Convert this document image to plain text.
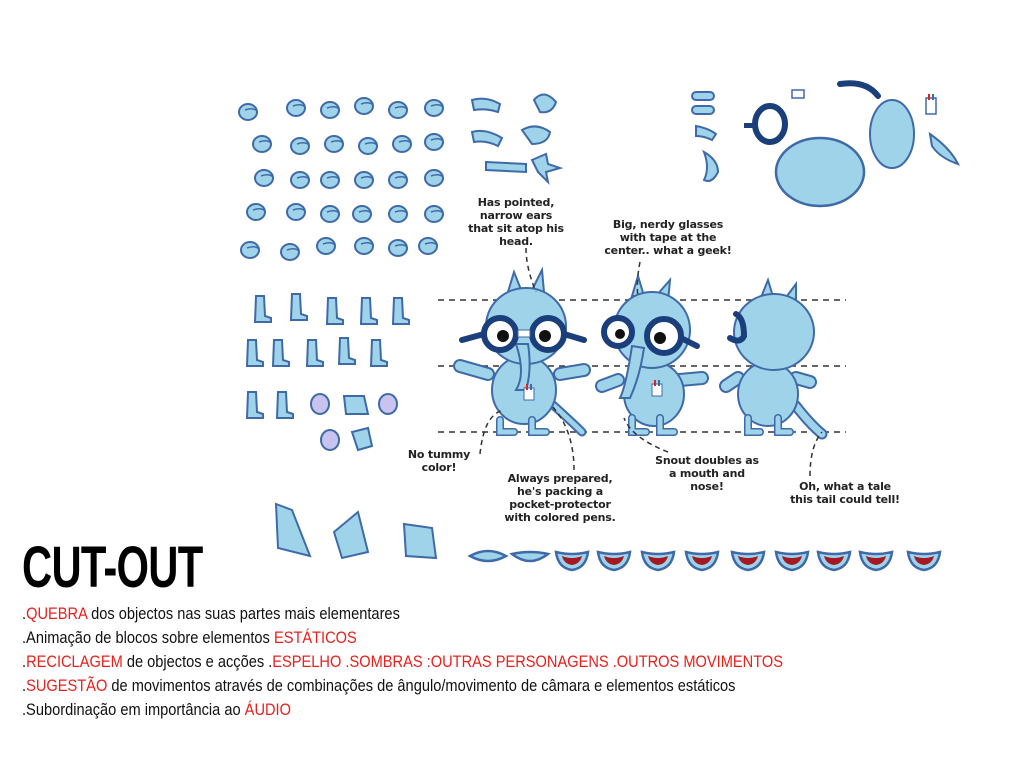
Has pointed, narrow ears that sit atop his head.
Big, nerdy glasses with tape at the center.. what a geek!
No tummy color!
Always prepared, he's packing a pocket-protector with colored pens.
Snout doubles as a mouth and nose!	Oh, what a tale this tail could tell!
CUT-OUT
.QUEBRA dos objectos nas suas partes mais elementares
.Animação de blocos sobre elementos ESTÁTICOS
.RECICLAGEM de objectos e acções .ESPELHO .SOMBRAS :OUTRAS PERSONAGENS .OUTROS MOVIMENTOS
.SUGESTÃO de movimentos através de combinações de ângulo/movimento de câmara e elementos estáticos
.Subordinação em importância ao ÁUDIO
